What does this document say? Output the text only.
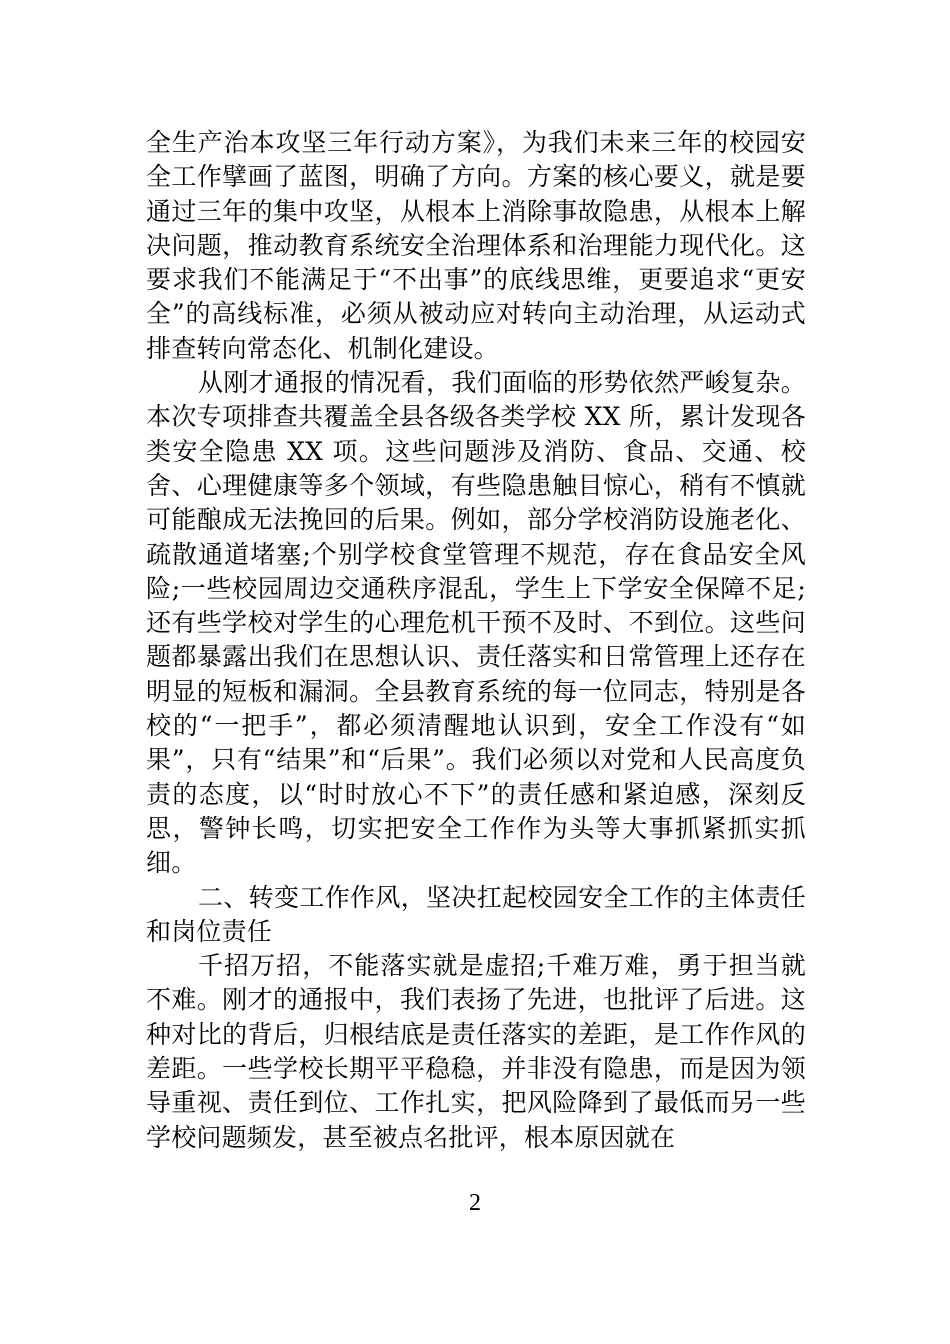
全生产治本攻坚三年行动方案》，为我们未来三年的校园安全工作擘画了蓝图，明确了方向。方案的核心要义，就是要通过三年的集中攻坚，从根本上消除事故隐患，从根本上解决问题，推动教育系统安全治理体系和治理能力现代化。这要求我们不能满足于“不出事”的底线思维，更要追求“更安全”的高线标准，必须从被动应对转向主动治理，从运动式排查转向常态化、机制化建设。

从刚才通报的情况看，我们面临的形势依然严峻复杂。本次专项排查共覆盖全县各级各类学校 XX 所，累计发现各类安全隐患 XX 项。这些问题涉及消防、食品、交通、校舍、心理健康等多个领域，有些隐患触目惊心，稍有不慎就可能酿成无法挽回的后果。例如，部分学校消防设施老化、疏散通道堵塞;个别学校食堂管理不规范，存在食品安全风险;一些校园周边交通秩序混乱，学生上下学安全保障不足;还有些学校对学生的心理危机干预不及时、不到位。这些问题都暴露出我们在思想认识、责任落实和日常管理上还存在明显的短板和漏洞。全县教育系统的每一位同志，特别是各校的“一把手”，都必须清醒地认识到，安全工作没有“如果”，只有“结果”和“后果”。我们必须以对党和人民高度负责的态度，以“时时放心不下”的责任感和紧迫感，深刻反思，警钟长鸣，切实把安全工作作为头等大事抓紧抓实抓细。

二、转变工作作风，坚决扛起校园安全工作的主体责任和岗位责任

千招万招，不能落实就是虚招;千难万难，勇于担当就不难。刚才的通报中，我们表扬了先进，也批评了后进。这种对比的背后，归根结底是责任落实的差距，是工作作风的差距。一些学校长期平平稳稳，并非没有隐患，而是因为领导重视、责任到位、工作扎实，把风险降到了最低而另一些学校问题频发，甚至被点名批评，根本原因就在

2
